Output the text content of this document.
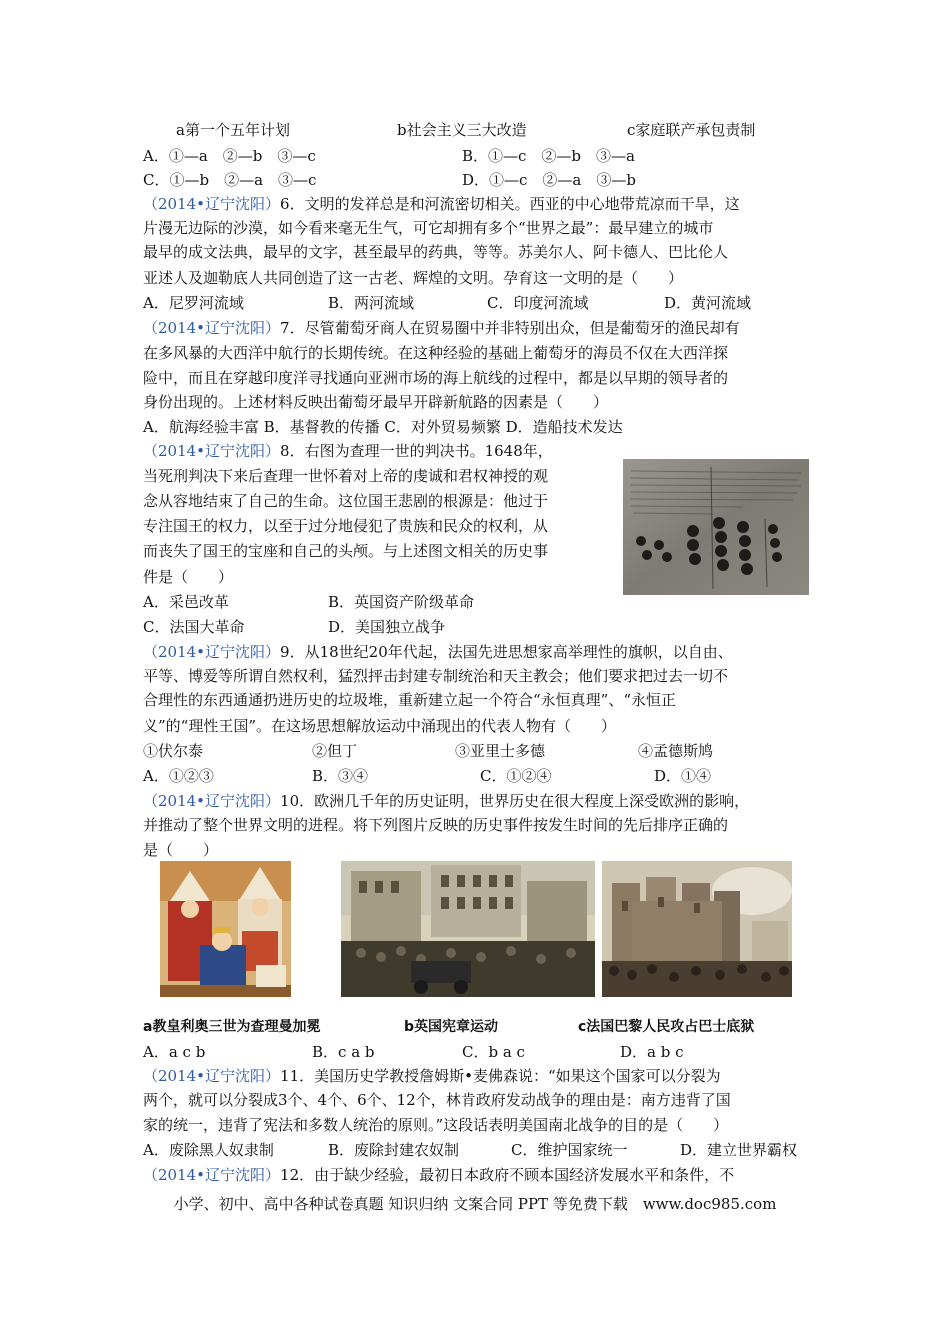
a第一个五年计划	b社会主义三大改造	c家庭联产承包责制
A．①—a　②—b　③—c	B．①—c　②—b　③—a
C．①—b　②—a　③—c	D．①—c　②—a　③—b
（2014•辽宁沈阳）6．文明的发祥总是和河流密切相关。西亚的中心地带荒凉而干旱，这
片漫无边际的沙漠，如今看来毫无生气，可它却拥有多个“世界之最”：最早建立的城市
最早的成文法典，最早的文字，甚至最早的药典，等等。苏美尔人、阿卡德人、巴比伦人
亚述人及迦勒底人共同创造了这一古老、辉煌的文明。孕育这一文明的是（　　）
A．尼罗河流域	B．两河流域	C．印度河流域	D．黄河流域
（2014•辽宁沈阳）7．尽管葡萄牙商人在贸易圈中并非特别出众，但是葡萄牙的渔民却有
在多风暴的大西洋中航行的长期传统。在这种经验的基础上葡萄牙的海员不仅在大西洋探
险中，而且在穿越印度洋寻找通向亚洲市场的海上航线的过程中，都是以早期的领导者的
身份出现的。上述材料反映出葡萄牙最早开辟新航路的因素是（　　）
A．航海经验丰富 B．基督教的传播 C．对外贸易频繁 D．造船技术发达
（2014•辽宁沈阳）8．右图为查理一世的判决书。1648年，
当死刑判决下来后查理一世怀着对上帝的虔诚和君权神授的观
念从容地结束了自己的生命。这位国王悲剧的根源是：他过于
专注国王的权力，以至于过分地侵犯了贵族和民众的权利，从
而丧失了国王的宝座和自己的头颅。与上述图文相关的历史事
件是（　　）
A．采邑改革	B．英国资产阶级革命
C．法国大革命	D．美国独立战争
（2014•辽宁沈阳）9．从18世纪20年代起，法国先进思想家高举理性的旗帜，以自由、
平等、博爱等所谓自然权利，猛烈抨击封建专制统治和天主教会；他们要求把过去一切不
合理性的东西通通扔进历史的垃圾堆，重新建立起一个符合“永恒真理”、“永恒正
义”的“理性王国”。在这场思想解放运动中涌现出的代表人物有（　　）
①伏尔泰	②但丁	③亚里士多德	④孟德斯鸠
A．①②③	B．③④	C．①②④	D．①④
（2014•辽宁沈阳）10．欧洲几千年的历史证明，世界历史在很大程度上深受欧洲的影响，
并推动了整个世界文明的进程。将下列图片反映的历史事件按发生时间的先后排序正确的
是（　　）
a教皇利奥三世为查理曼加冕	b英国宪章运动	c法国巴黎人民攻占巴士底狱
A．a c b	B．c a b	C．b a c	D．a b c
（2014•辽宁沈阳）11．美国历史学教授詹姆斯•麦佛森说：“如果这个国家可以分裂为
两个，就可以分裂成3个、4个、6个、12个，林肯政府发动战争的理由是：南方违背了国
家的统一，违背了宪法和多数人统治的原则。”这段话表明美国南北战争的目的是（　　）
A．废除黑人奴隶制	B．废除封建农奴制	C．维护国家统一	D．建立世界霸权
（2014•辽宁沈阳）12．由于缺少经验，最初日本政府不顾本国经济发展水平和条件，不
小学、初中、高中各种试卷真题 知识归纳 文案合同 PPT 等免费下载　www.doc985.com
